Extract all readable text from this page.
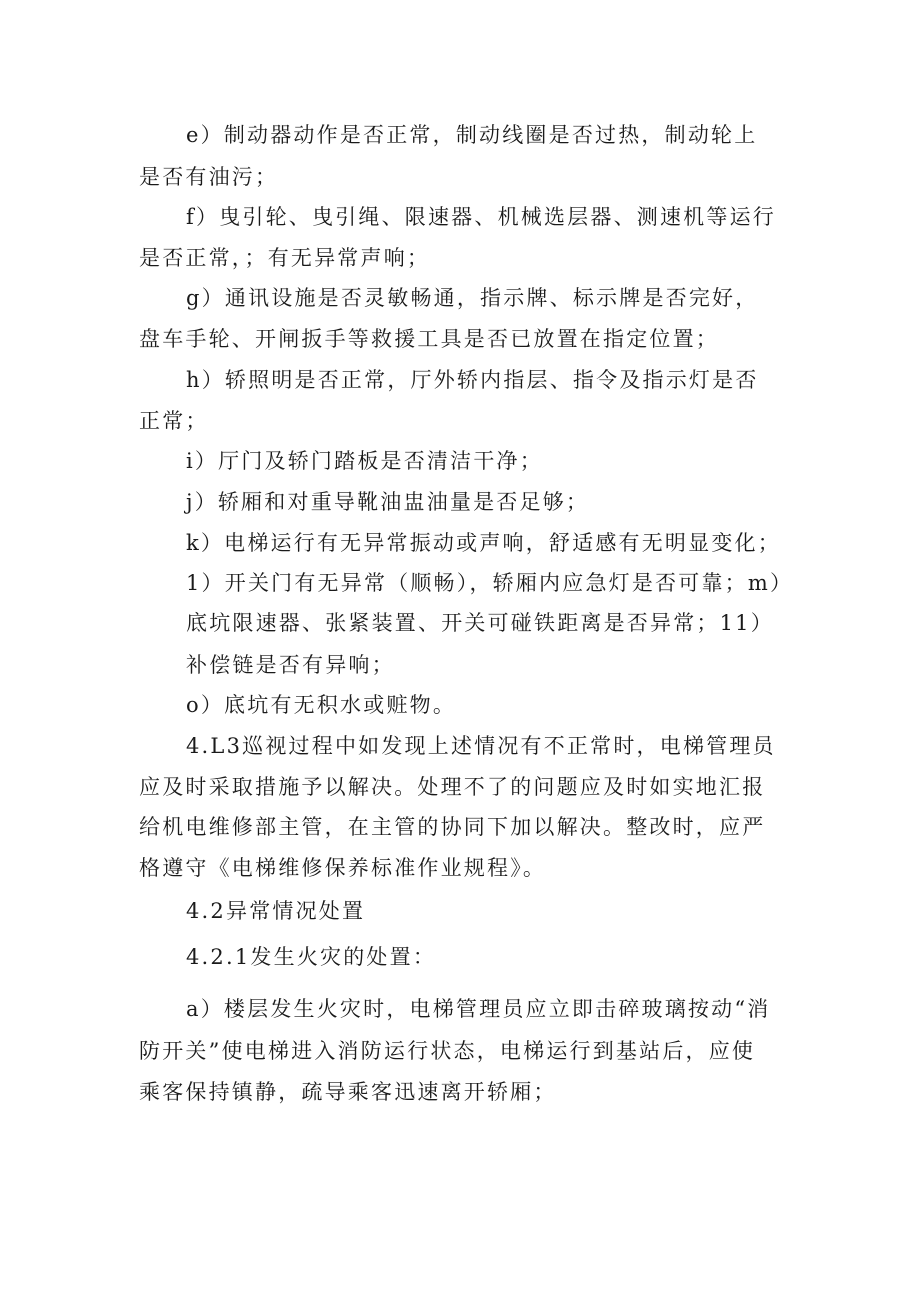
e）制动器动作是否正常，制动线圈是否过热，制动轮上
是否有油污；
f）曳引轮、曳引绳、限速器、机械选层器、测速机等运行
是否正常，；有无异常声响；
g）通讯设施是否灵敏畅通，指示牌、标示牌是否完好，
盘车手轮、开闸扳手等救援工具是否已放置在指定位置；
h）轿照明是否正常，厅外轿内指层、指令及指示灯是否
正常；
i）厅门及轿门踏板是否清洁干净；
j）轿厢和对重导靴油盅油量是否足够；
k）电梯运行有无异常振动或声响，舒适感有无明显变化；
1）开关门有无异常（顺畅），轿厢内应急灯是否可靠；m）
底坑限速器、张紧装置、开关可碰铁距离是否异常；11）
补偿链是否有异响；
o）底坑有无积水或赃物。
4.L3巡视过程中如发现上述情况有不正常时，电梯管理员
应及时采取措施予以解决。处理不了的问题应及时如实地汇报
给机电维修部主管，在主管的协同下加以解决。整改时，应严
格遵守《电梯维修保养标准作业规程》。
4.2异常情况处置
4.2.1发生火灾的处置：
a）楼层发生火灾时，电梯管理员应立即击碎玻璃按动“消
防开关”使电梯进入消防运行状态，电梯运行到基站后，应使
乘客保持镇静，疏导乘客迅速离开轿厢；
